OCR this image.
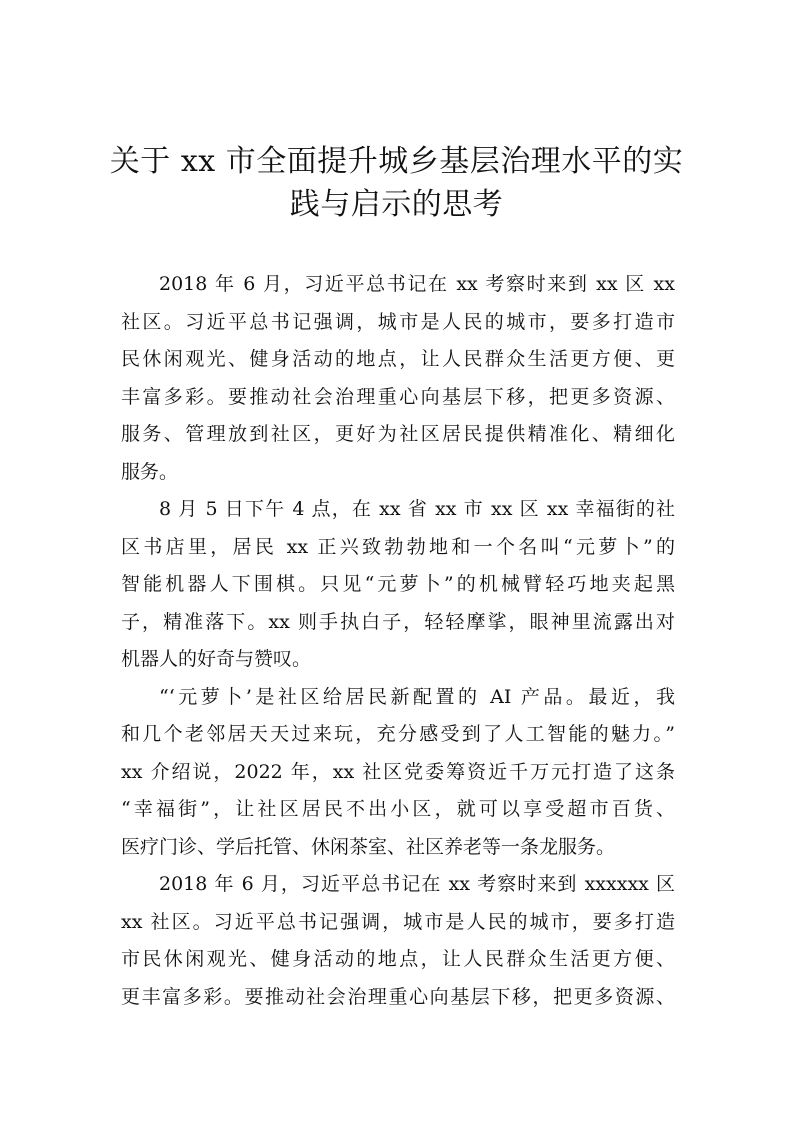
关于 xx 市全面提升城乡基层治理水平的实
践与启示的思考
2018 年 6 月，习近平总书记在 xx 考察时来到 xx 区 xx
社区。习近平总书记强调，城市是人民的城市，要多打造市
民休闲观光、健身活动的地点，让人民群众生活更方便、更
丰富多彩。要推动社会治理重心向基层下移，把更多资源、
服务、管理放到社区，更好为社区居民提供精准化、精细化
服务。
8 月 5 日下午 4 点，在 xx 省 xx 市 xx 区 xx 幸福街的社
区书店里，居民 xx 正兴致勃勃地和一个名叫“元萝卜”的
智能机器人下围棋。只见“元萝卜”的机械臂轻巧地夹起黑
子，精准落下。xx 则手执白子，轻轻摩挲，眼神里流露出对
机器人的好奇与赞叹。
“‘元萝卜’是社区给居民新配置的 AI 产品。最近，我
和几个老邻居天天过来玩，充分感受到了人工智能的魅力。”
xx 介绍说，2022 年，xx 社区党委筹资近千万元打造了这条
“幸福街”，让社区居民不出小区，就可以享受超市百货、
医疗门诊、学后托管、休闲茶室、社区养老等一条龙服务。
2018 年 6 月，习近平总书记在 xx 考察时来到 xxxxxx 区
xx 社区。习近平总书记强调，城市是人民的城市，要多打造
市民休闲观光、健身活动的地点，让人民群众生活更方便、
更丰富多彩。要推动社会治理重心向基层下移，把更多资源、
